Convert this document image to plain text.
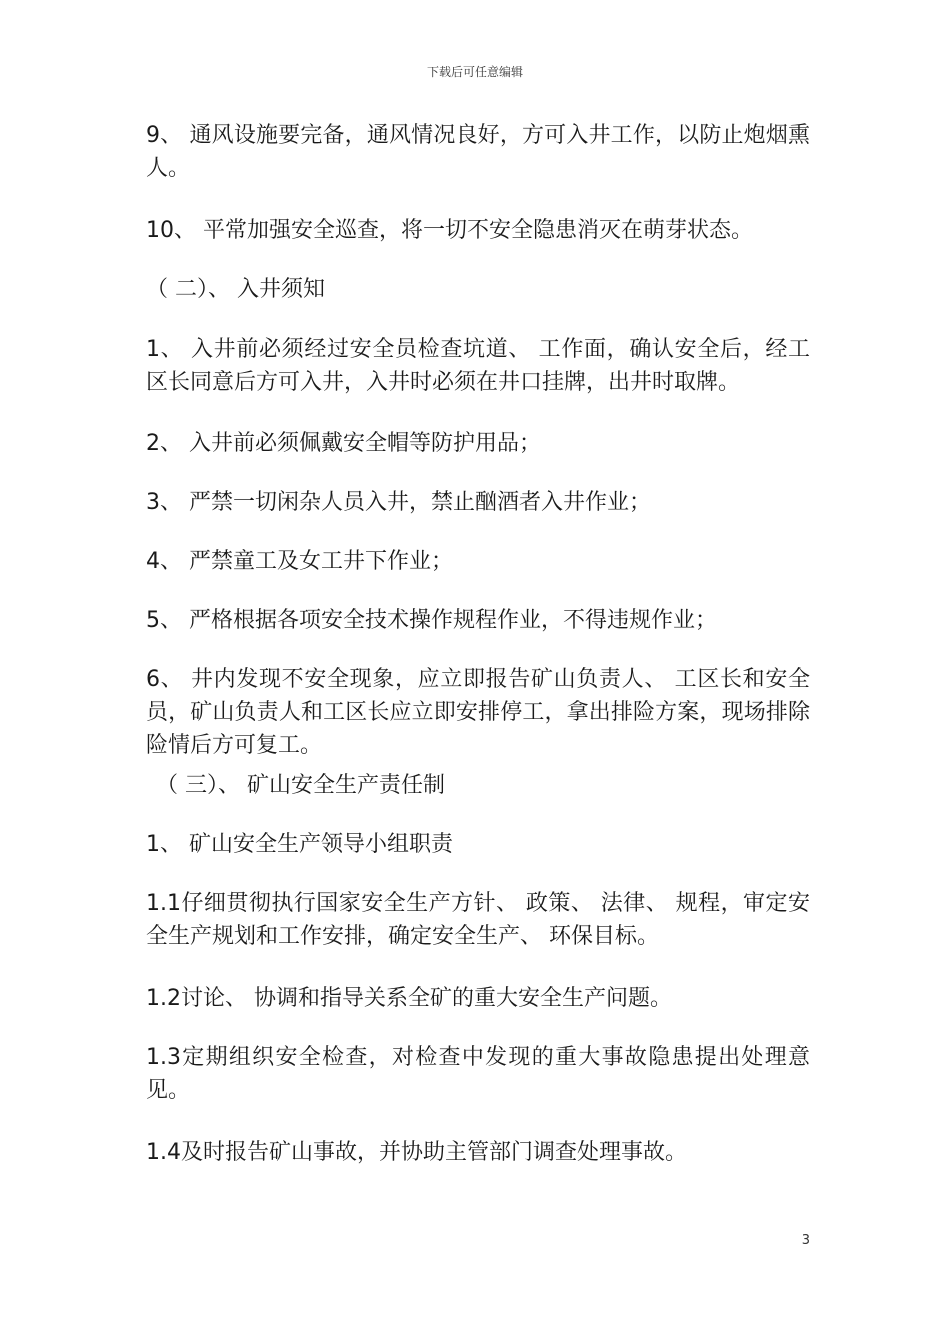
下载后可任意编辑

9、 通风设施要完备，通风情况良好，方可入井工作，以防止炮烟熏人。

10、 平常加强安全巡查，将一切不安全隐患消灭在萌芽状态。

（ 二）、 入井须知

1、 入井前必须经过安全员检查坑道、 工作面，确认安全后，经工区长同意后方可入井，入井时必须在井口挂牌，出井时取牌。

2、 入井前必须佩戴安全帽等防护用品；

3、 严禁一切闲杂人员入井，禁止酗酒者入井作业；

4、 严禁童工及女工井下作业；

5、 严格根据各项安全技术操作规程作业，不得违规作业；

6、 井内发现不安全现象，应立即报告矿山负责人、 工区长和安全员，矿山负责人和工区长应立即安排停工，拿出排险方案，现场排除险情后方可复工。

（ 三）、 矿山安全生产责任制

1、 矿山安全生产领导小组职责

1.1仔细贯彻执行国家安全生产方针、 政策、 法律、 规程，审定安全生产规划和工作安排，确定安全生产、 环保目标。

1.2讨论、 协调和指导关系全矿的重大安全生产问题。

1.3定期组织安全检查，对检查中发现的重大事故隐患提出处理意见。

1.4及时报告矿山事故，并协助主管部门调查处理事故。

3
